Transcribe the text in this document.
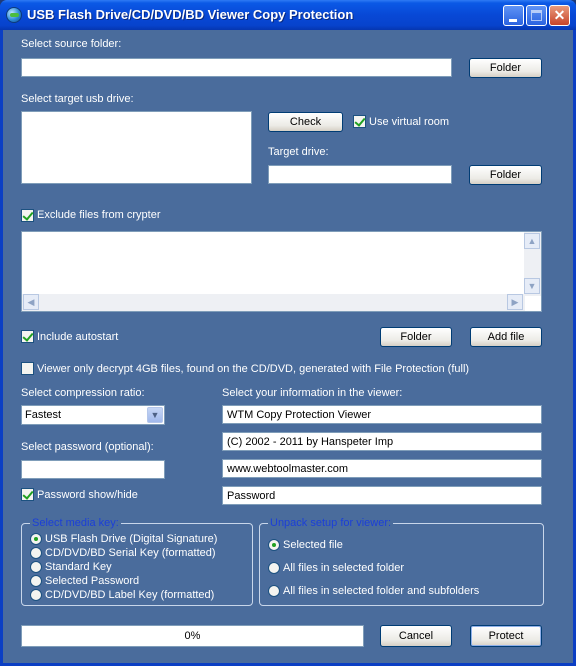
USB Flash Drive/CD/DVD/BD Viewer Copy Protection	✕
Select source folder:
Folder
Select target usb drive:
Check	Use virtual room
Target drive:
Folder
Exclude files from crypter
▲
▼
◀	▶
Include autostart	Folder	Add file
Viewer only decrypt 4GB files, found on the CD/DVD, generated with File Protection (full)
Select compression ratio:
Fastest	▼
Select password (optional):
Password show/hide
Select your information in the viewer:
WTM Copy Protection Viewer
(C) 2002 - 2011 by Hanspeter Imp
www.webtoolmaster.com
Password
Select media key:
USB Flash Drive (Digital Signature)
CD/DVD/BD Serial Key (formatted)
Standard Key
Selected Password
CD/DVD/BD Label Key (formatted)
Unpack setup for viewer:
Selected file
All files in selected folder
All files in selected folder and subfolders
0%	Cancel	Protect
